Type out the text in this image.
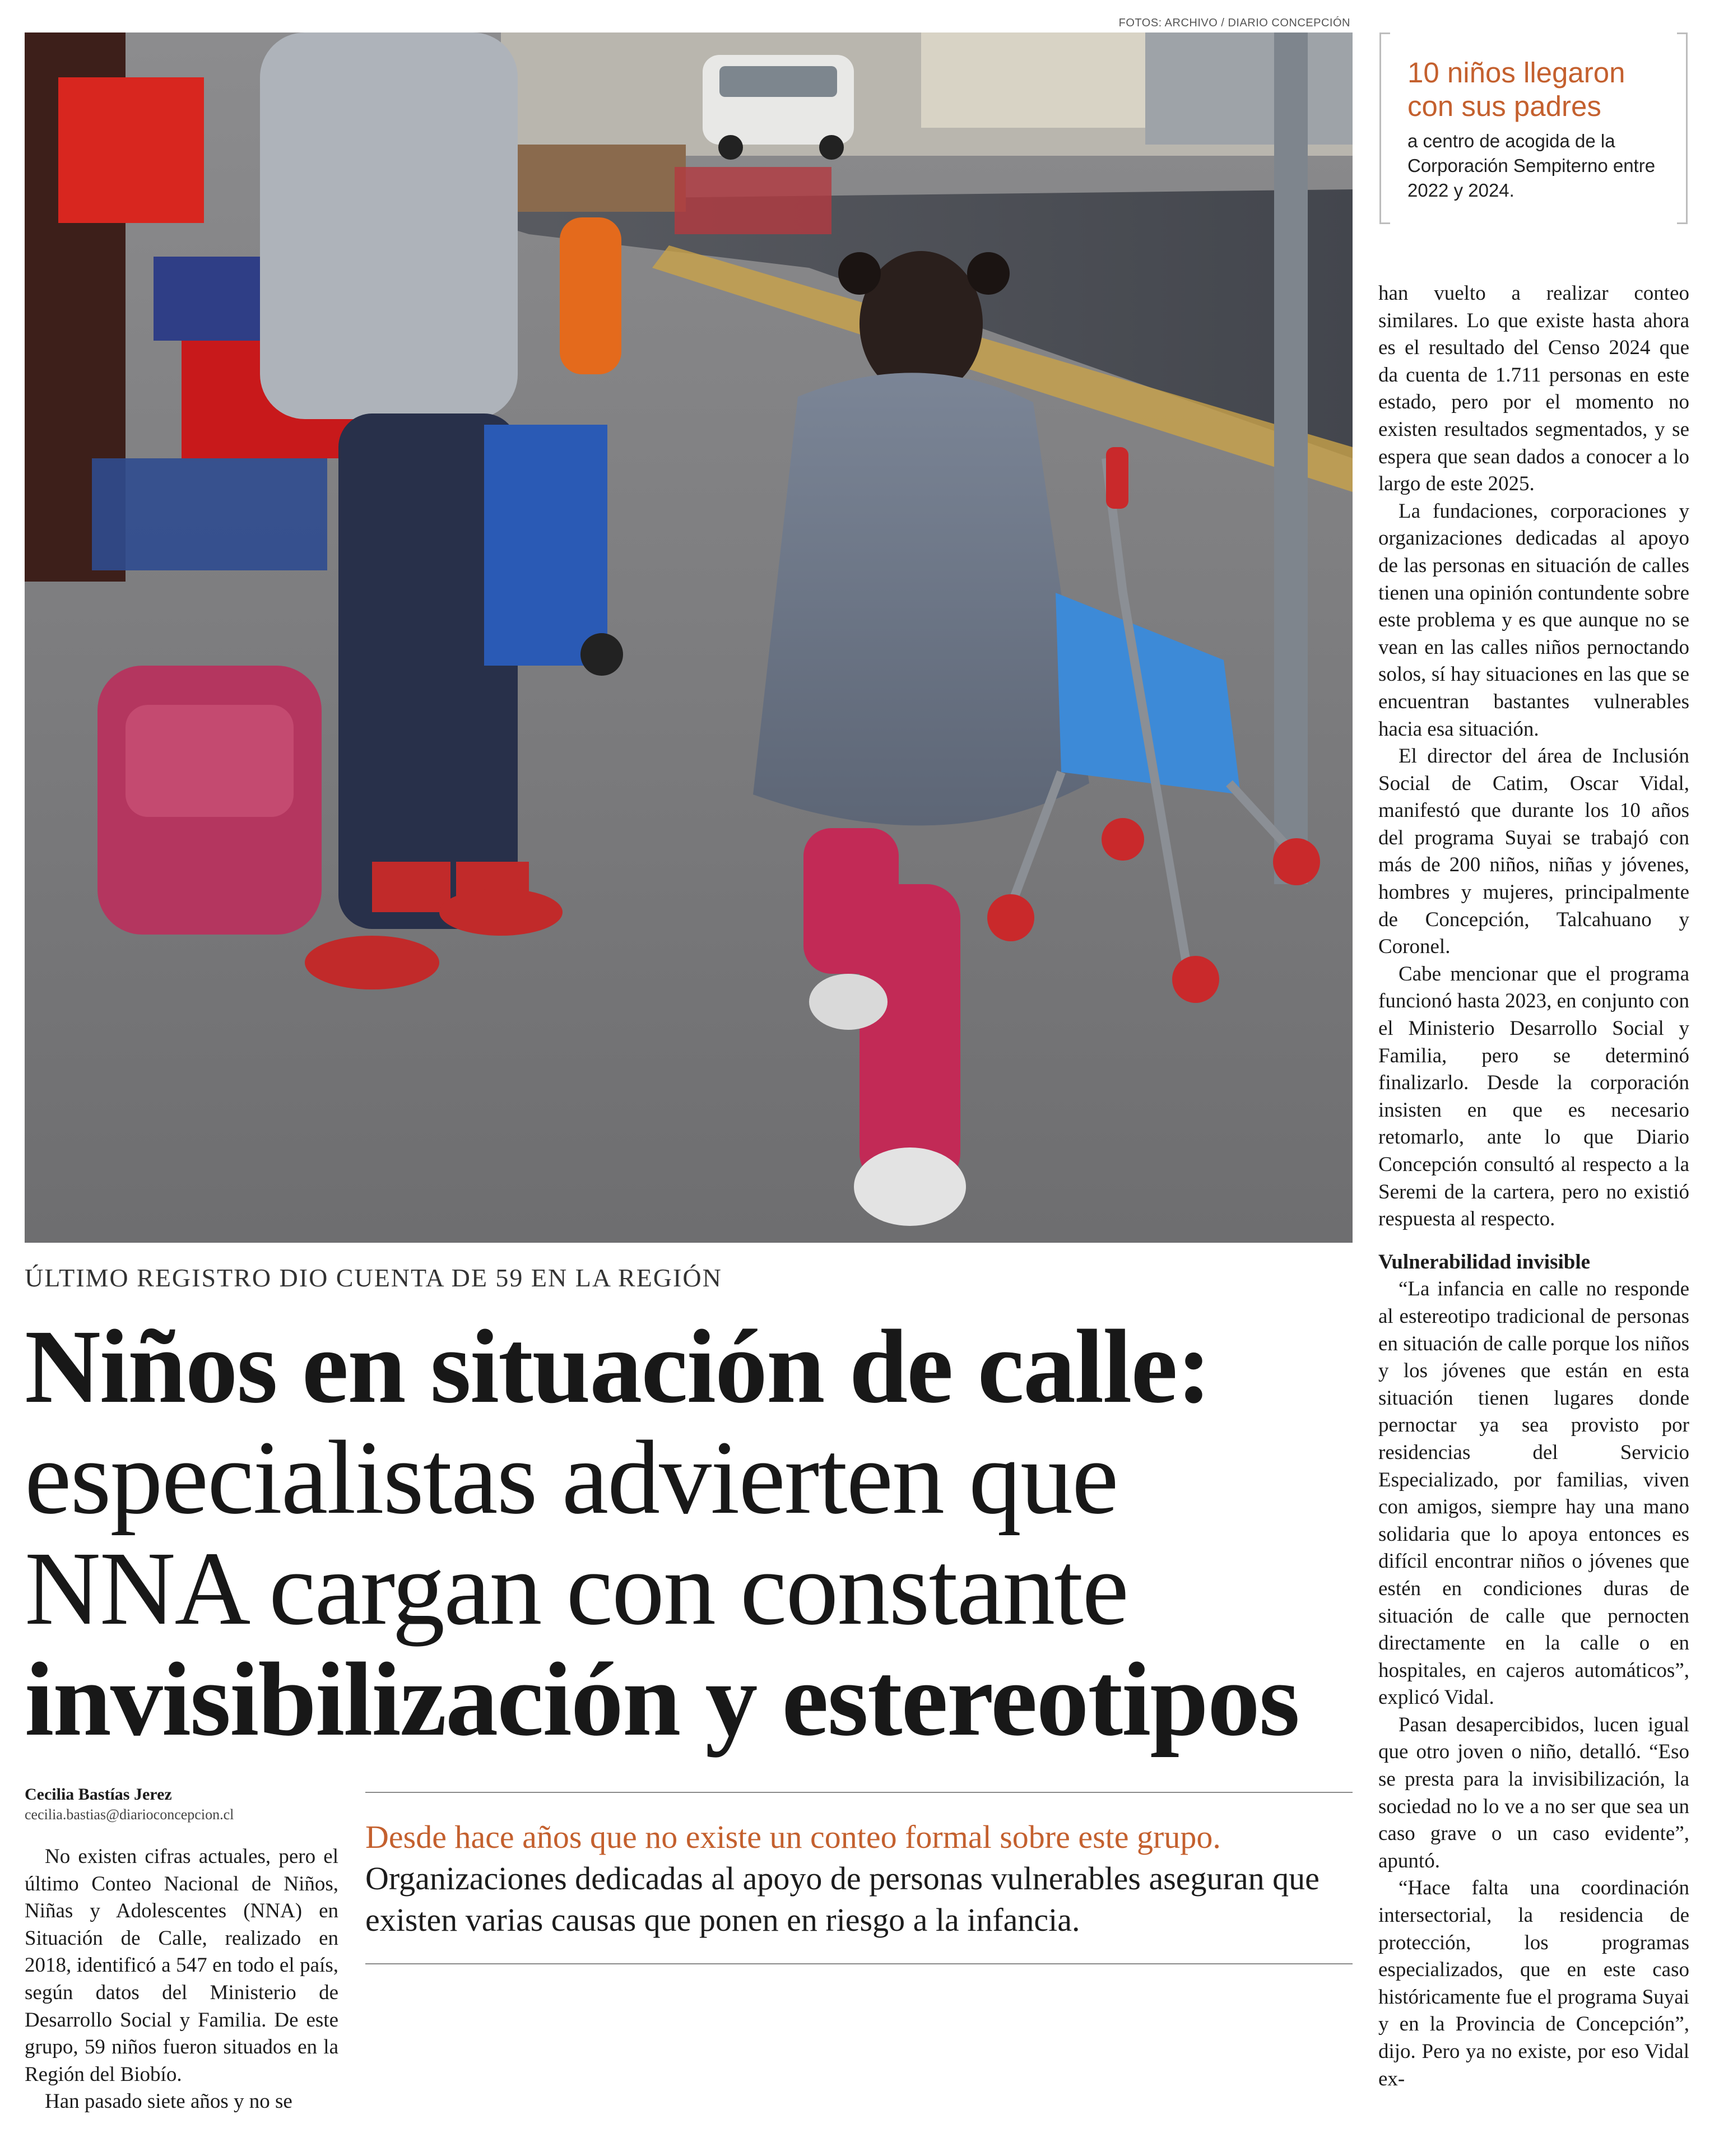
FOTOS: ARCHIVO / DIARIO CONCEPCIÓN
10 niños llegaron con sus padres
a centro de acogida de la Corporación Sempiterno entre 2022 y 2024.
ÚLTIMO REGISTRO DIO CUENTA DE 59 EN LA REGIÓN
Niños en situación de calle:
especialistas advierten que
NNA cargan con constante
invisibilización y estereotipos
Cecilia Bastías Jerez
cecilia.bastias@diarioconcepcion.cl

No existen cifras actuales, pero el último Conteo Nacional de Niños, Niñas y Adolescentes (NNA) en Situación de Calle, realizado en 2018, identificó a 547 en todo el país, según datos del Ministerio de Desarrollo Social y Familia. De este grupo, 59 niños fueron situados en la Región del Biobío.

Han pasado siete años y no se

Desde hace años que no existe un conteo formal sobre este grupo. Organizaciones dedicadas al apoyo de personas vulnerables aseguran que existen varias causas que ponen en riesgo a la infancia.

han vuelto a realizar conteo similares. Lo que existe hasta ahora es el resultado del Censo 2024 que da cuenta de 1.711 personas en este estado, pero por el momento no existen resultados segmentados, y se espera que sean dados a conocer a lo largo de este 2025.

La fundaciones, corporaciones y organizaciones dedicadas al apoyo de las personas en situación de calles tienen una opinión contundente sobre este problema y es que aunque no se vean en las calles niños pernoctando solos, sí hay situaciones en las que se encuentran bastantes vulnerables hacia esa situación.

El director del área de Inclusión Social de Catim, Oscar Vidal, manifestó que durante los 10 años del programa Suyai se trabajó con más de 200 niños, niñas y jóvenes, hombres y mujeres, principalmente de Concepción, Talcahuano y Coronel.

Cabe mencionar que el programa funcionó hasta 2023, en conjunto con el Ministerio Desarrollo Social y Familia, pero se determinó finalizarlo. Desde la corporación insisten en que es necesario retomarlo, ante lo que Diario Concepción consultó al respecto a la Seremi de la cartera, pero no existió respuesta al respecto.

Vulnerabilidad invisible

“La infancia en calle no responde al estereotipo tradicional de personas en situación de calle porque los niños y los jóvenes que están en esta situación tienen lugares donde pernoctar ya sea provisto por residencias del Servicio Especializado, por familias, viven con amigos, siempre hay una mano solidaria que lo apoya entonces es difícil encontrar niños o jóvenes que estén en condiciones duras de situación de calle que pernocten directamente en la calle o en hospitales, en cajeros automáticos”, explicó Vidal.

Pasan desapercibidos, lucen igual que otro joven o niño, detalló. “Eso se presta para la invisibilización, la sociedad no lo ve a no ser que sea un caso grave o un caso evidente”, apuntó.

“Hace falta una coordinación intersectorial, la residencia de protección, los programas especializados, que en este caso históricamente fue el programa Suyai y en la Provincia de Concepción”, dijo. Pero ya no existe, por eso Vidal ex-
